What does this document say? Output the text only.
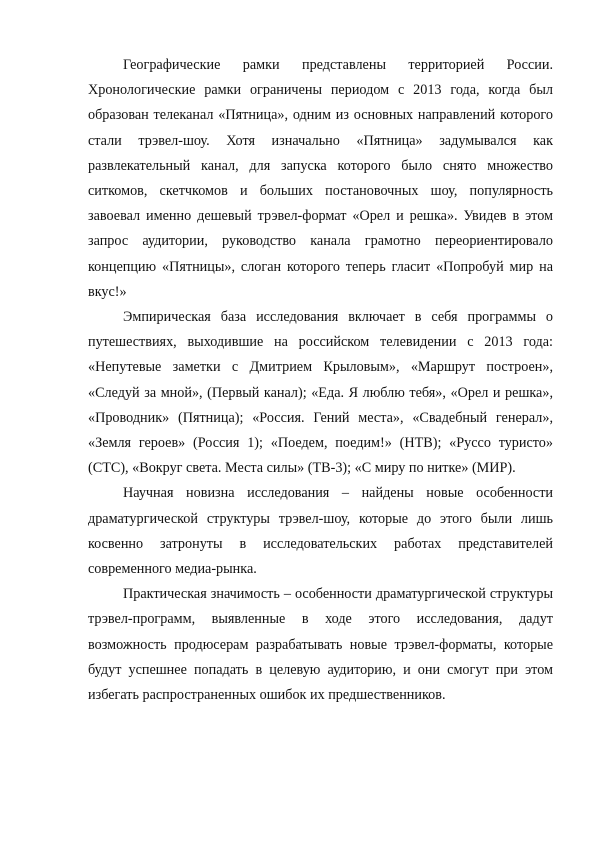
Географические рамки представлены территорией России. Хронологические рамки ограничены периодом с 2013 года, когда был образован телеканал «Пятница», одним из основных направлений которого стали трэвел-шоу. Хотя изначально «Пятница» задумывался как развлекательный канал, для запуска которого было снято множество ситкомов, скетчкомов и больших постановочных шоу, популярность завоевал именно дешевый трэвел-формат «Орел и решка». Увидев в этом запрос аудитории, руководство канала грамотно переориентировало концепцию «Пятницы», слоган которого теперь гласит «Попробуй мир на вкус!»

Эмпирическая база исследования включает в себя программы о путешествиях, выходившие на российском телевидении с 2013 года: «Непутевые заметки с Дмитрием Крыловым», «Маршрут построен», «Следуй за мной», (Первый канал); «Еда. Я люблю тебя», «Орел и решка», «Проводник» (Пятница); «Россия. Гений места», «Свадебный генерал», «Земля героев» (Россия 1); «Поедем, поедим!» (НТВ); «Руссо туристо» (СТС), «Вокруг света. Места силы» (ТВ-3); «С миру по нитке» (МИР).

Научная новизна исследования – найдены новые особенности драматургической структуры трэвел-шоу, которые до этого были лишь косвенно затронуты в исследовательских работах представителей современного медиа-рынка.

Практическая значимость – особенности драматургической структуры трэвел-программ, выявленные в ходе этого исследования, дадут возможность продюсерам разрабатывать новые трэвел-форматы, которые будут успешнее попадать в целевую аудиторию, и они смогут при этом избегать распространенных ошибок их предшественников.
